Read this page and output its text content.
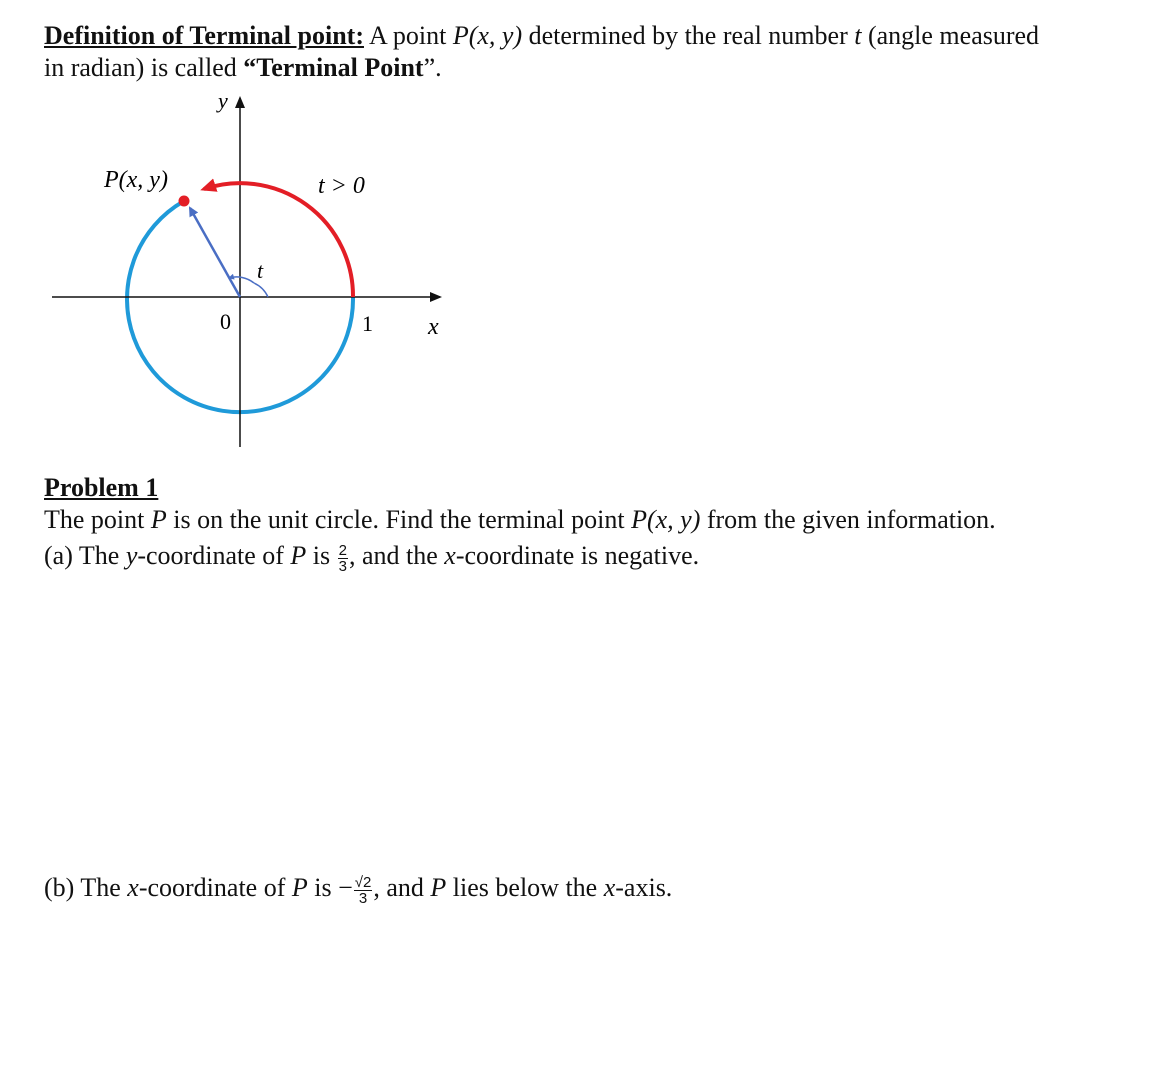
Definition of Terminal point: A point P(x, y) determined by the real number t (angle measured
in radian) is called “Terminal Point”.
y
x
0	1
P(x, y)	t > 0
t
Problem 1
The point P is on the unit circle. Find the terminal point P(x, y) from the given information.
(a) The y-coordinate of P is $\frac{2}{3}$ , and the x-coordinate is negative.
(b) The x-coordinate of P is − $\frac{√2}{3}$ , and P lies below the x-axis.
